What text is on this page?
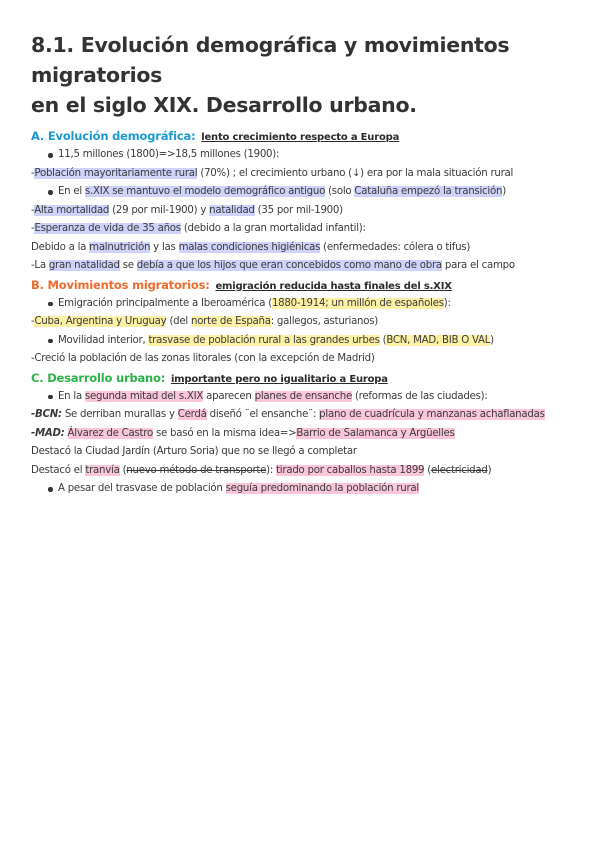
8.1. Evolución demográfica y movimientos migratorios
en el siglo XIX. Desarrollo urbano.
A. Evolución demográfica: lento crecimiento respecto a Europa
11,5 millones (1800)=>18,5 millones (1900):
-Población mayoritariamente rural (70%) ; el crecimiento urbano (↓) era por la mala situación rural
En el s.XIX se mantuvo el modelo demográfico antiguo (solo Cataluña empezó la transición)
-Alta mortalidad (29 por mil-1900) y natalidad (35 por mil-1900)
-Esperanza de vida de 35 años (debido a la gran mortalidad infantil):
Debido a la malnutrición y las malas condiciones higiénicas (enfermedades: cólera o tifus)
-La gran natalidad se debía a que los hijos que eran concebidos como mano de obra para el campo
B. Movimientos migratorios: emigración reducida hasta finales del s.XIX
Emigración principalmente a Iberoamérica (1880-1914; un millón de españoles):
-Cuba, Argentina y Uruguay (del norte de España: gallegos, asturianos)
Movilidad interior, trasvase de población rural a las grandes urbes (BCN, MAD, BIB O VAL)
-Creció la población de las zonas litorales (con la excepción de Madrid)
C. Desarrollo urbano: importante pero no igualitario a Europa
En la segunda mitad del s.XIX aparecen planes de ensanche (reformas de las ciudades):
-BCN: Se derriban murallas y Cerdá diseñó ¨el ensanche¨: plano de cuadrícula y manzanas achaflanadas
-MAD: Álvarez de Castro se basó en la misma idea=>Barrio de Salamanca y Argüelles
Destacó la Ciudad Jardín (Arturo Soria) que no se llegó a completar
Destacó el tranvía (nuevo método de transporte): tirado por caballos hasta 1899 (electricidad)
A pesar del trasvase de población seguía predominando la población rural
